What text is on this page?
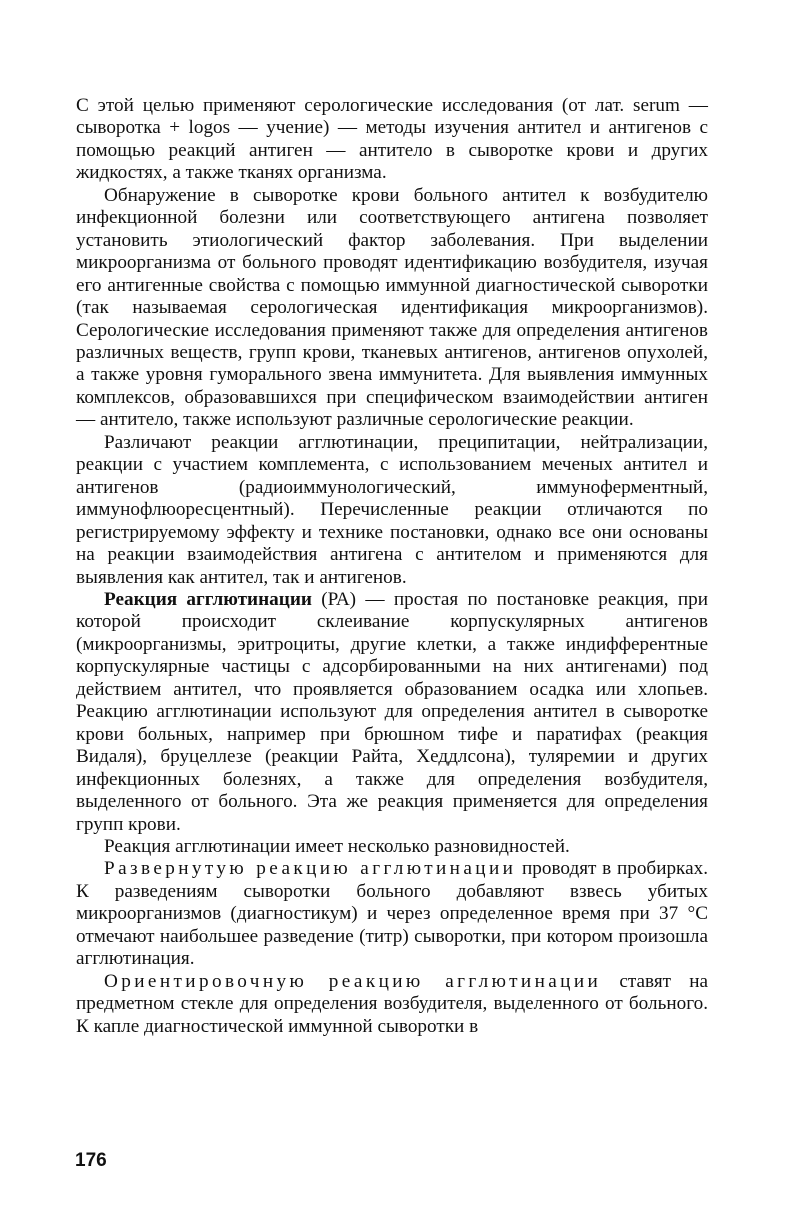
С этой целью применяют серологические исследования (от лат. serum — сыворотка + logos — учение) — методы изучения антител и антигенов с помощью реакций антиген — антитело в сыворотке крови и других жидкостях, а также тканях организма.

Обнаружение в сыворотке крови больного антител к возбудителю инфекционной болезни или соответствующего антигена позволяет установить этиологический фактор заболевания. При выделении микроорганизма от больного проводят идентификацию возбудителя, изучая его антигенные свойства с помощью иммунной диагностической сыворотки (так называемая серологическая идентификация микроорганизмов). Серологические исследования применяют также для определения антигенов различных веществ, групп крови, тканевых антигенов, антигенов опухолей, а также уровня гуморального звена иммунитета. Для выявления иммунных комплексов, образовавшихся при специфическом взаимодействии антиген — антитело, также используют различные серологические реакции.

Различают реакции агглютинации, преципитации, нейтрализации, реакции с участием комплемента, с использованием меченых антител и антигенов (радиоиммунологический, иммуноферментный, иммунофлюоресцентный). Перечисленные реакции отличаются по регистрируемому эффекту и технике постановки, однако все они основаны на реакции взаимодействия антигена с антителом и применяются для выявления как антител, так и антигенов.

Реакция агглютинации (РА) — простая по постановке реакция, при которой происходит склеивание корпускулярных антигенов (микроорганизмы, эритроциты, другие клетки, а также индифферентные корпускулярные частицы с адсорбированными на них антигенами) под действием антител, что проявляется образованием осадка или хлопьев. Реакцию агглютинации используют для определения антител в сыворотке крови больных, например при брюшном тифе и паратифах (реакция Видаля), бруцеллезе (реакции Райта, Хеддлсона), туляремии и других инфекционных болезнях, а также для определения возбудителя, выделенного от больного. Эта же реакция применяется для определения групп крови.

Реакция агглютинации имеет несколько разновидностей.

Развернутую реакцию агглютинации проводят в пробирках. К разведениям сыворотки больного добавляют взвесь убитых микроорганизмов (диагностикум) и через определенное время при 37 °С отмечают наибольшее разведение (титр) сыворотки, при котором произошла агглютинация.

Ориентировочную реакцию агглютинации ставят на предметном стекле для определения возбудителя, выделенного от больного. К капле диагностической иммунной сыворотки в

176
